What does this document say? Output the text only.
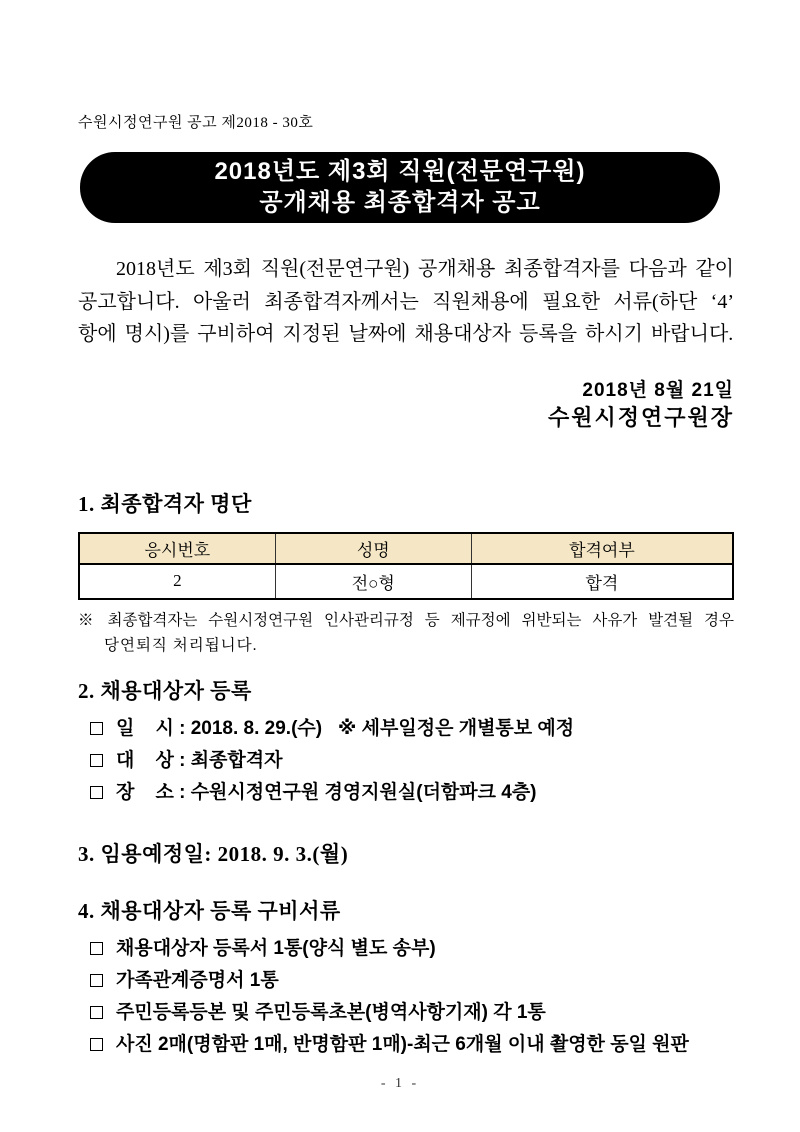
수원시정연구원 공고 제2018 - 30호
2018년도 제3회 직원(전문연구원)
공개채용 최종합격자 공고
2018년도 제3회 직원(전문연구원) 공개채용 최종합격자를 다음과 같이
공고합니다. 아울러 최종합격자께서는 직원채용에 필요한 서류(하단 ‘4’
항에 명시)를 구비하여 지정된 날짜에 채용대상자 등록을 하시기 바랍니다.
2018년 8월 21일
수원시정연구원장
1. 최종합격자 명단
응시번호	성명	합격여부
2	전○형	합격
※ 최종합격자는 수원시정연구원 인사관리규정 등 제규정에 위반되는 사유가 발견될 경우
당연퇴직 처리됩니다.
2. 채용대상자 등록
일    시 : 2018. 8. 29.(수)   ※ 세부일정은 개별통보 예정
대    상 : 최종합격자
장    소 : 수원시정연구원 경영지원실(더함파크 4층)
3. 임용예정일: 2018. 9. 3.(월)
4. 채용대상자 등록 구비서류
채용대상자 등록서 1통(양식 별도 송부)
가족관계증명서 1통
주민등록등본 및 주민등록초본(병역사항기재) 각 1통
사진 2매(명함판 1매, 반명함판 1매)-최근 6개월 이내 촬영한 동일 원판
- 1 -
